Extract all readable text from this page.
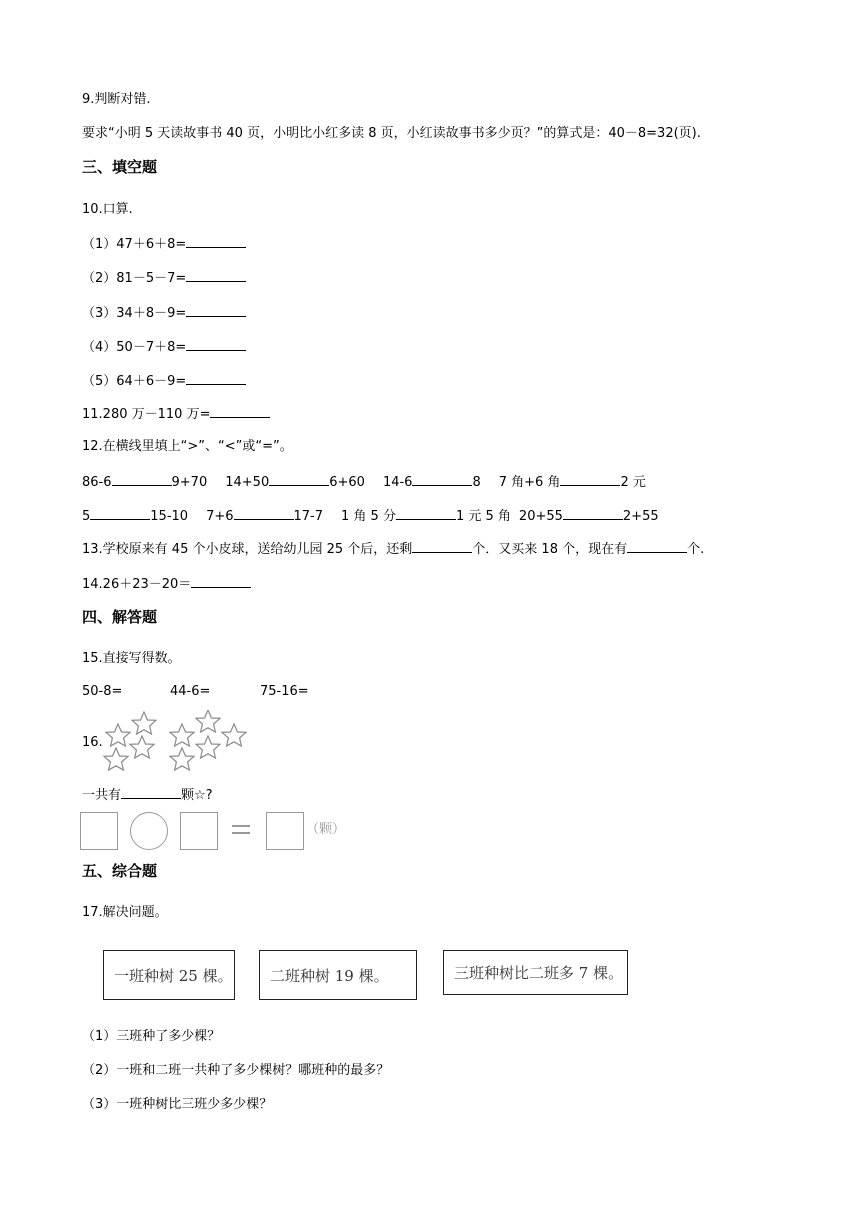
9.判断对错.
要求“小明 5 天读故事书 40 页，小明比小红多读 8 页，小红读故事书多少页？”的算式是：40－8=32(页).
三、填空题
10.口算.
（1）47＋6＋8=
（2）81－5－7=
（3）34＋8－9=
（4）50－7＋8=
（5）64＋6－9=
11.280 万－110 万=
12.在横线里填上“>”、“<”或“=”。
86-6	9+70 14+50	6+60 14-6	8 7 角+6 角	2 元
5	15-10 7+6	17-7 1 角 5 分	1 元 5 角 20+55	2+55
13.学校原来有 45 个小皮球，送给幼儿园 25 个后，还剩	个．又买来 18 个，现在有	个.
14.26＋23－20＝
四、解答题
15.直接写得数。
50-8=	44-6=	75-16=
16.
一共有	颗☆?
（颗）
五、综合题
17.解决问题。
一班种树 25 棵。	二班种树 19 棵。	三班种树比二班多 7 棵。
（1）三班种了多少棵？
（2）一班和二班一共种了多少棵树？哪班种的最多？
（3）一班种树比三班少多少棵？
